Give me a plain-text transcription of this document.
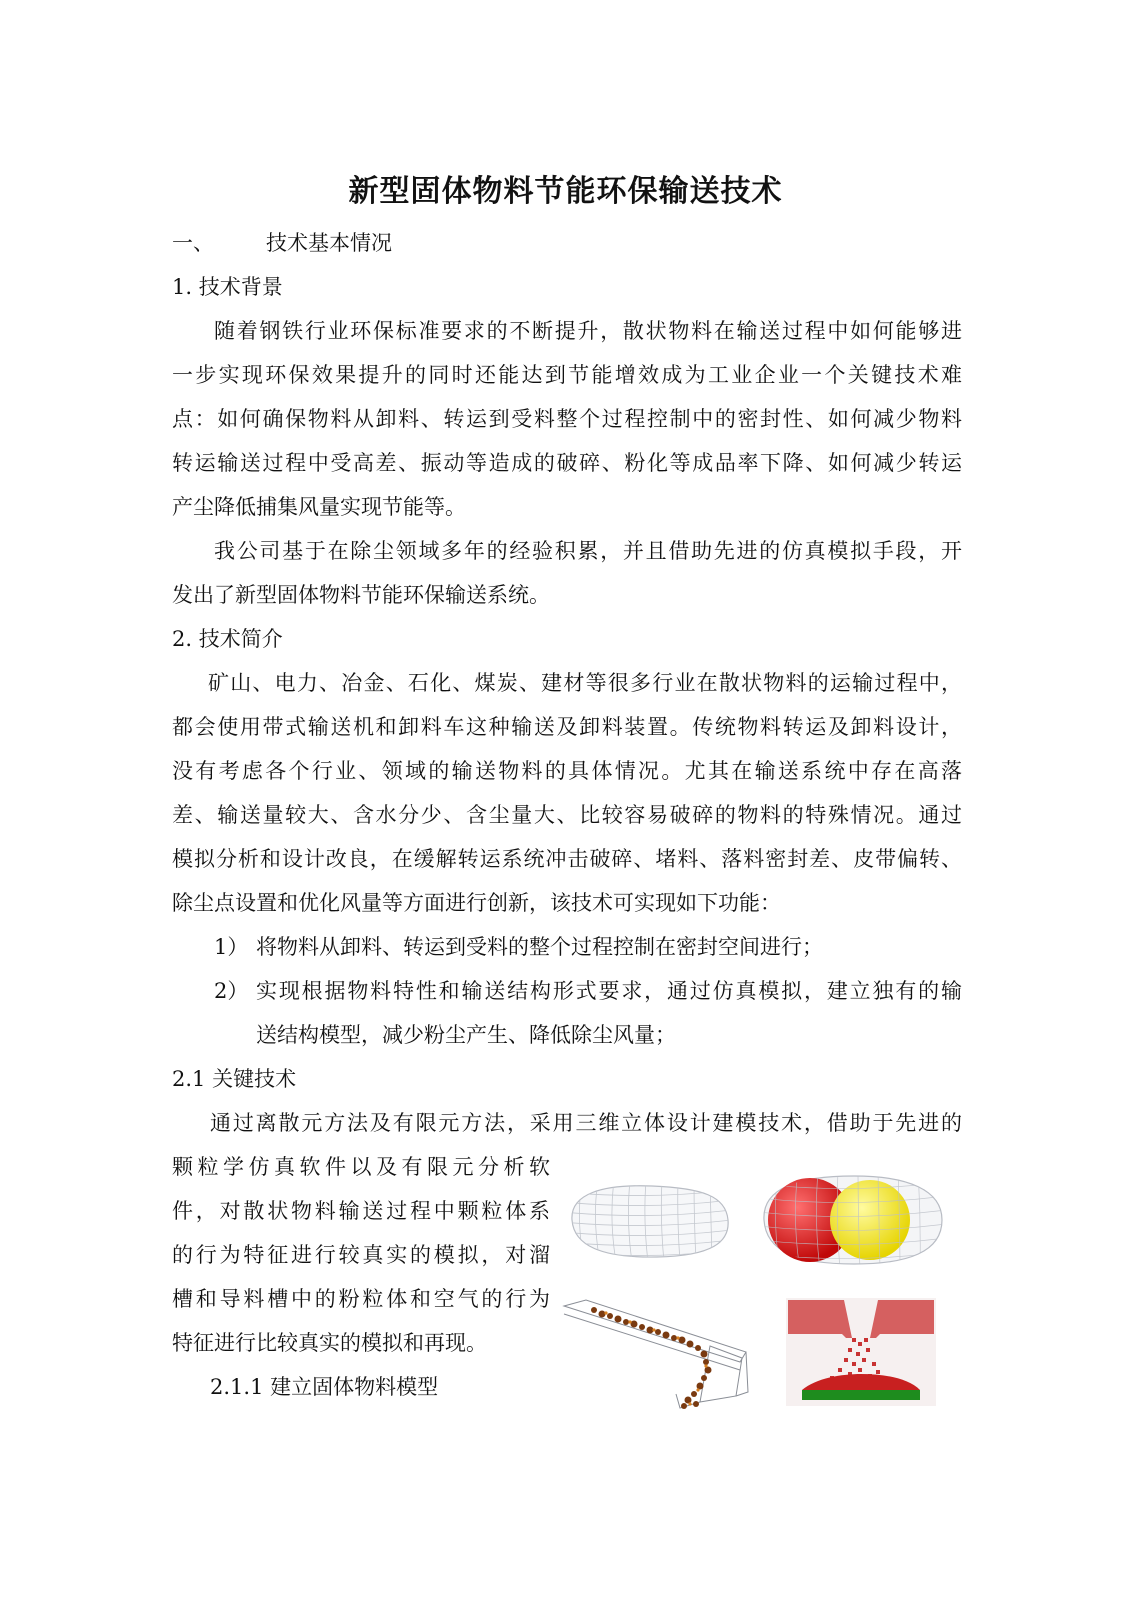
新型固体物料节能环保输送技术
一、 技术基本情况
1. 技术背景
随着钢铁行业环保标准要求的不断提升，散状物料在输送过程中如何能够进
一步实现环保效果提升的同时还能达到节能增效成为工业企业一个关键技术难
点：如何确保物料从卸料、转运到受料整个过程控制中的密封性、如何减少物料
转运输送过程中受高差、振动等造成的破碎、粉化等成品率下降、如何减少转运
产尘降低捕集风量实现节能等。
我公司基于在除尘领域多年的经验积累，并且借助先进的仿真模拟手段，开
发出了新型固体物料节能环保输送系统。
2. 技术简介
矿山、电力、冶金、石化、煤炭、建材等很多行业在散状物料的运输过程中，
都会使用带式输送机和卸料车这种输送及卸料装置。传统物料转运及卸料设计，
没有考虑各个行业、领域的输送物料的具体情况。尤其在输送系统中存在高落
差、输送量较大、含水分少、含尘量大、比较容易破碎的物料的特殊情况。通过
模拟分析和设计改良，在缓解转运系统冲击破碎、堵料、落料密封差、皮带偏转、
除尘点设置和优化风量等方面进行创新，该技术可实现如下功能：
1） 将物料从卸料、转运到受料的整个过程控制在密封空间进行；
2） 实现根据物料特性和输送结构形式要求，通过仿真模拟，建立独有的输
送结构模型，减少粉尘产生、降低除尘风量；
2.1 关键技术
通过离散元方法及有限元方法，采用三维立体设计建模技术，借助于先进的
颗粒学仿真软件以及有限元分析软
件，对散状物料输送过程中颗粒体系
的行为特征进行较真实的模拟，对溜
槽和导料槽中的粉粒体和空气的行为
特征进行比较真实的模拟和再现。
2.1.1 建立固体物料模型
